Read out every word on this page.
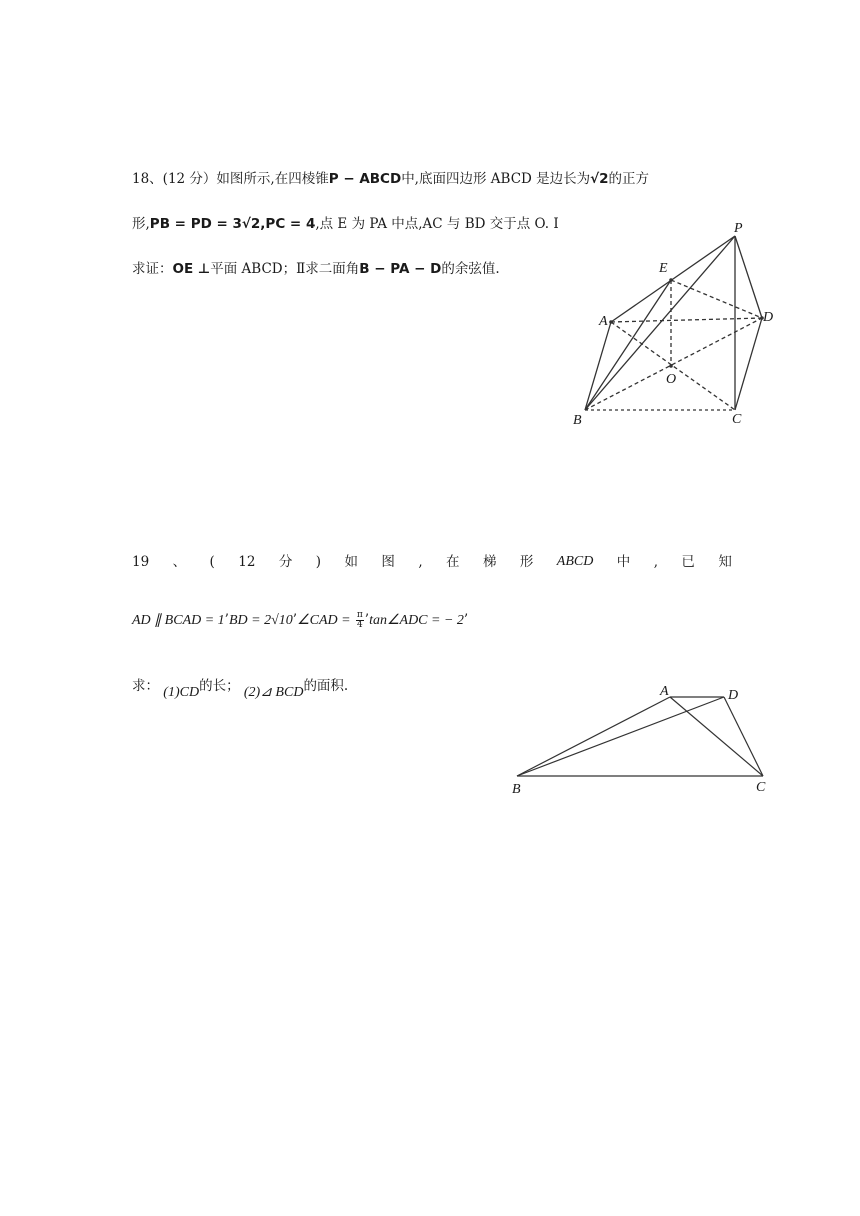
18、(12 分）如图所示,在四棱锥P − ABCD中,底面四边形 ABCD 是边长为√2的正方
形,PB = PD = 3√2,PC = 4,点 E 为 PA 中点,AC 与 BD 交于点 O. Ⅰ
求证：OE ⊥平面 ABCD；Ⅱ求二面角B − PA − D的余弦值.
P
E
A	D
O
B	C
19 、 ( 12 分 ) 如 图 , 在 梯 形 ABCD 中 , 已 知
AD ∥ BCAD = 1’BD = 2√10’∠CAD = $\frac{\pi}{4}$ ’tan∠ADC = − 2’
求： (1)CD的长； (2)⊿ BCD的面积.	A	D
B	C
